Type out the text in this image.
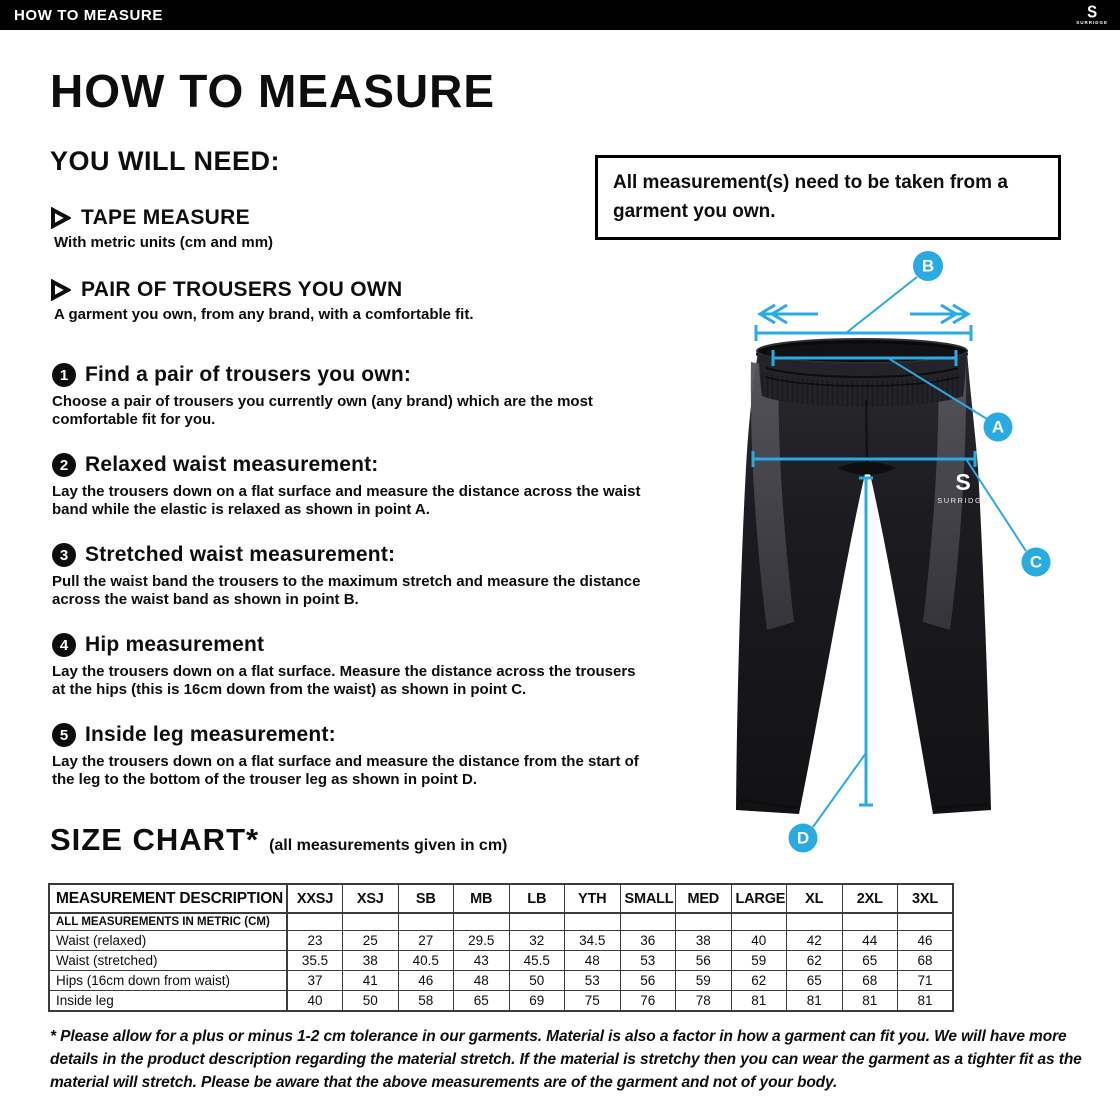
HOW TO MEASURE	S
SURRIDGE
HOW TO MEASURE
YOU WILL NEED:
TAPE MEASURE
With metric units (cm and mm)
PAIR OF TROUSERS YOU OWN
A garment you own, from any brand, with a comfortable fit.
1 Find a pair of trousers you own:

Choose a pair of trousers you currently own (any brand) which are the most comfortable fit for you.

2 Relaxed waist measurement:

Lay the trousers down on a flat surface and measure the distance across the waist band while the elastic is relaxed as shown in point A.

3 Stretched waist measurement:

Pull the waist band the trousers to the maximum stretch and measure the distance across the waist band as shown in point B.

4 Hip measurement

Lay the trousers down on a flat surface. Measure the distance across the trousers at the hips (this is 16cm down from the waist) as shown in point C.

5 Inside leg measurement:

Lay the trousers down on a flat surface and measure the distance from the start of the leg to the bottom of the trouser leg as shown in point D.

All measurement(s) need to be taken from a garment you own.
S
SURRIDGE
B
A
C
D
SIZE CHART* (all measurements given in cm)
MEASUREMENT DESCRIPTION	XXSJ	XSJ	SB	MB	LB	YTH	SMALL	MED	LARGE	XL	2XL	3XL
ALL MEASUREMENTS IN METRIC (CM)												
Waist (relaxed)	23	25	27	29.5	32	34.5	36	38	40	42	44	46
Waist (stretched)	35.5	38	40.5	43	45.5	48	53	56	59	62	65	68
Hips (16cm down from waist)	37	41	46	48	50	53	56	59	62	65	68	71
Inside leg	40	50	58	65	69	75	76	78	81	81	81	81
* Please allow for a plus or minus 1-2 cm tolerance in our garments. Material is also a factor in how a garment can fit you. We will have more details in the product description regarding the material stretch. If the material is stretchy then you can wear the garment as a tighter fit as the material will stretch. Please be aware that the above measurements are of the garment and not of your body.
